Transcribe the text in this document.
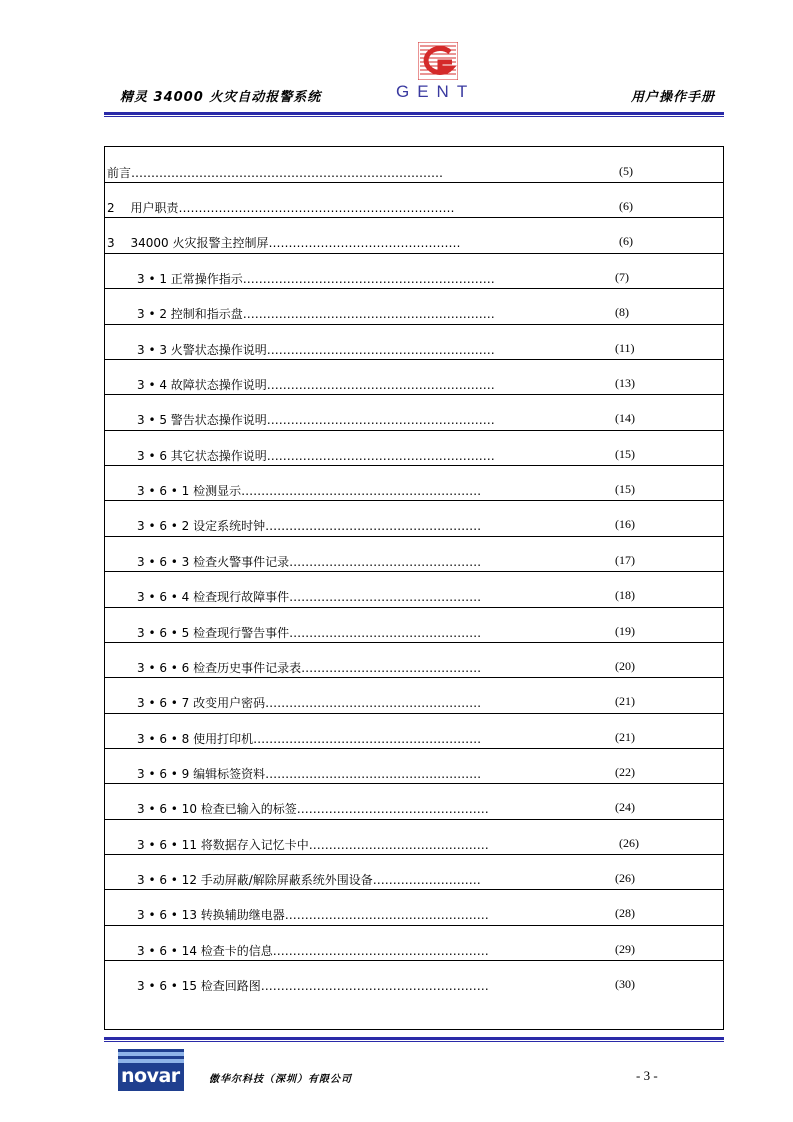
精灵 34000 火灾自动报警系统	GENT	用户操作手册
前言……………………………………………………………………	(5)
2　 用户职责……………………………………………………………	(6)
3　 34000 火灾报警主控制屏…………………………………………	(6)
3 • 1 正常操作指示………………………………………………………	(7)
3 • 2 控制和指示盘………………………………………………………	(8)
3 • 3 火警状态操作说明…………………………………………………	(11)
3 • 4 故障状态操作说明…………………………………………………	(13)
3 • 5 警告状态操作说明…………………………………………………	(14)
3 • 6 其它状态操作说明…………………………………………………	(15)
3 • 6 • 1 检测显示……………………………………………………	(15)
3 • 6 • 2 设定系统时钟………………………………………………	(16)
3 • 6 • 3 检查火警事件记录…………………………………………	(17)
3 • 6 • 4 检查现行故障事件…………………………………………	(18)
3 • 6 • 5 检查现行警告事件…………………………………………	(19)
3 • 6 • 6 检查历史事件记录表………………………………………	(20)
3 • 6 • 7 改变用户密码………………………………………………	(21)
3 • 6 • 8 使用打印机…………………………………………………	(21)
3 • 6 • 9 编辑标签资料………………………………………………	(22)
3 • 6 • 10 检查已输入的标签…………………………………………	(24)
3 • 6 • 11 将数据存入记忆卡中………………………………………	(26)
3 • 6 • 12 手动屏蔽/解除屏蔽系统外围设备………………………	(26)
3 • 6 • 13 转换辅助继电器……………………………………………	(28)
3 • 6 • 14 检查卡的信息………………………………………………	(29)
3 • 6 • 15 检查回路图…………………………………………………	(30)
novar	傲华尔科技（深圳）有限公司	- 3 -
